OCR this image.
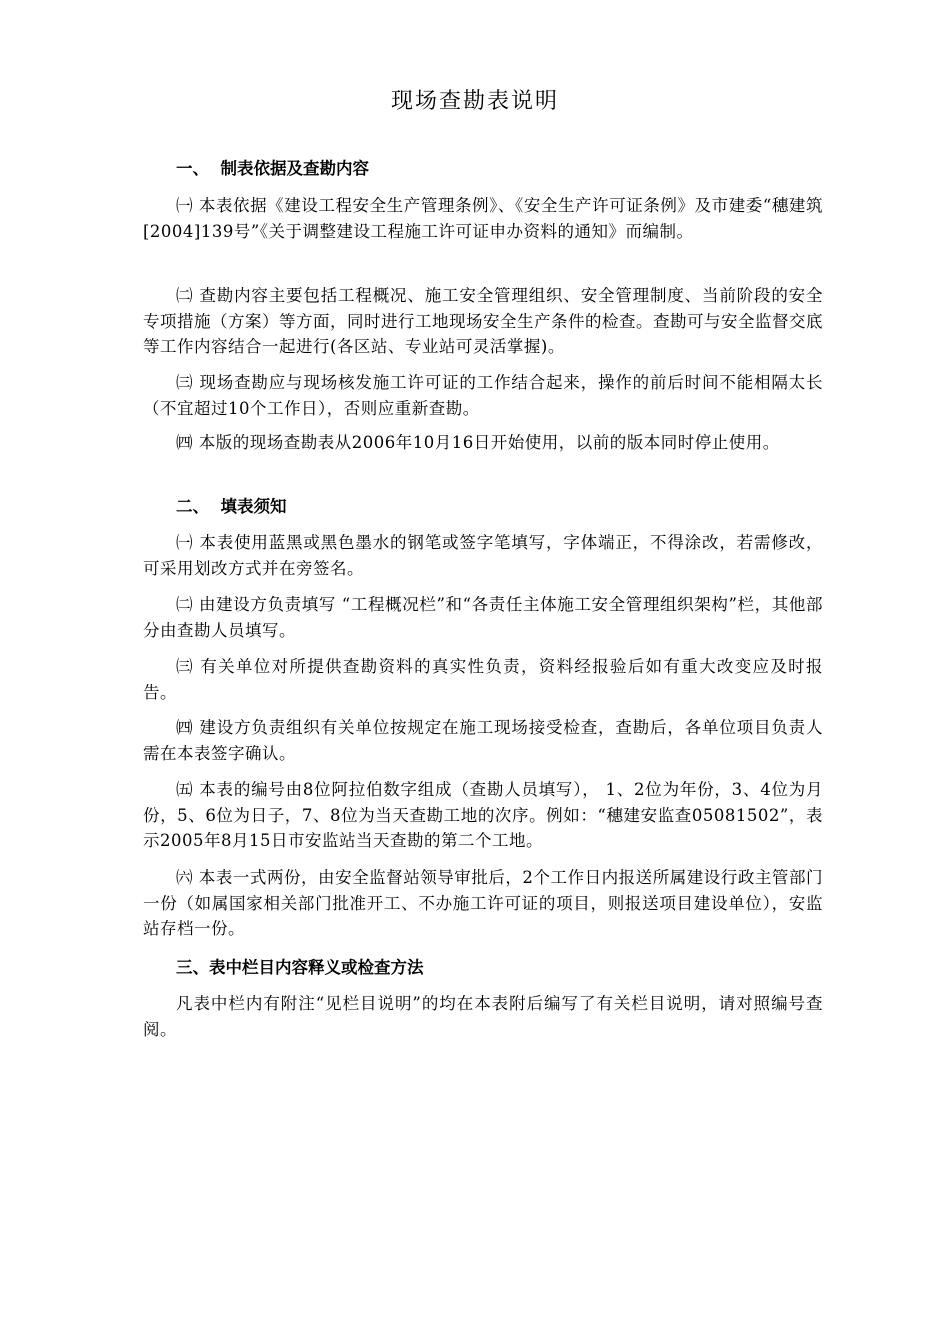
现场查勘表说明
一、  制表依据及查勘内容
㈠ 本表依据《建设工程安全生产管理条例》、《安全生产许可证条例》及市建委“穗建筑[2004]139号”《关于调整建设工程施工许可证申办资料的通知》而编制。
㈡ 查勘内容主要包括工程概况、施工安全管理组织、安全管理制度、当前阶段的安全专项措施（方案）等方面，同时进行工地现场安全生产条件的检查。查勘可与安全监督交底等工作内容结合一起进行(各区站、专业站可灵活掌握)。
㈢ 现场查勘应与现场核发施工许可证的工作结合起来，操作的前后时间不能相隔太长（不宜超过10个工作日），否则应重新查勘。
㈣ 本版的现场查勘表从2006年10月16日开始使用，以前的版本同时停止使用。
二、  填表须知
㈠ 本表使用蓝黑或黑色墨水的钢笔或签字笔填写，字体端正，不得涂改，若需修改，可采用划改方式并在旁签名。
㈡ 由建设方负责填写 “工程概况栏”和“各责任主体施工安全管理组织架构”栏，其他部分由查勘人员填写。
㈢ 有关单位对所提供查勘资料的真实性负责，资料经报验后如有重大改变应及时报告。
㈣ 建设方负责组织有关单位按规定在施工现场接受检查，查勘后，各单位项目负责人需在本表签字确认。
㈤ 本表的编号由8位阿拉伯数字组成（查勘人员填写）， 1、2位为年份，3、4位为月份，5、6位为日子，7、8位为当天查勘工地的次序。例如：“穗建安监查05081502”，表示2005年8月15日市安监站当天查勘的第二个工地。
㈥ 本表一式两份，由安全监督站领导审批后，2个工作日内报送所属建设行政主管部门一份（如属国家相关部门批准开工、不办施工许可证的项目，则报送项目建设单位），安监站存档一份。
三、表中栏目内容释义或检查方法
凡表中栏内有附注“见栏目说明”的均在本表附后编写了有关栏目说明，请对照编号查阅。
